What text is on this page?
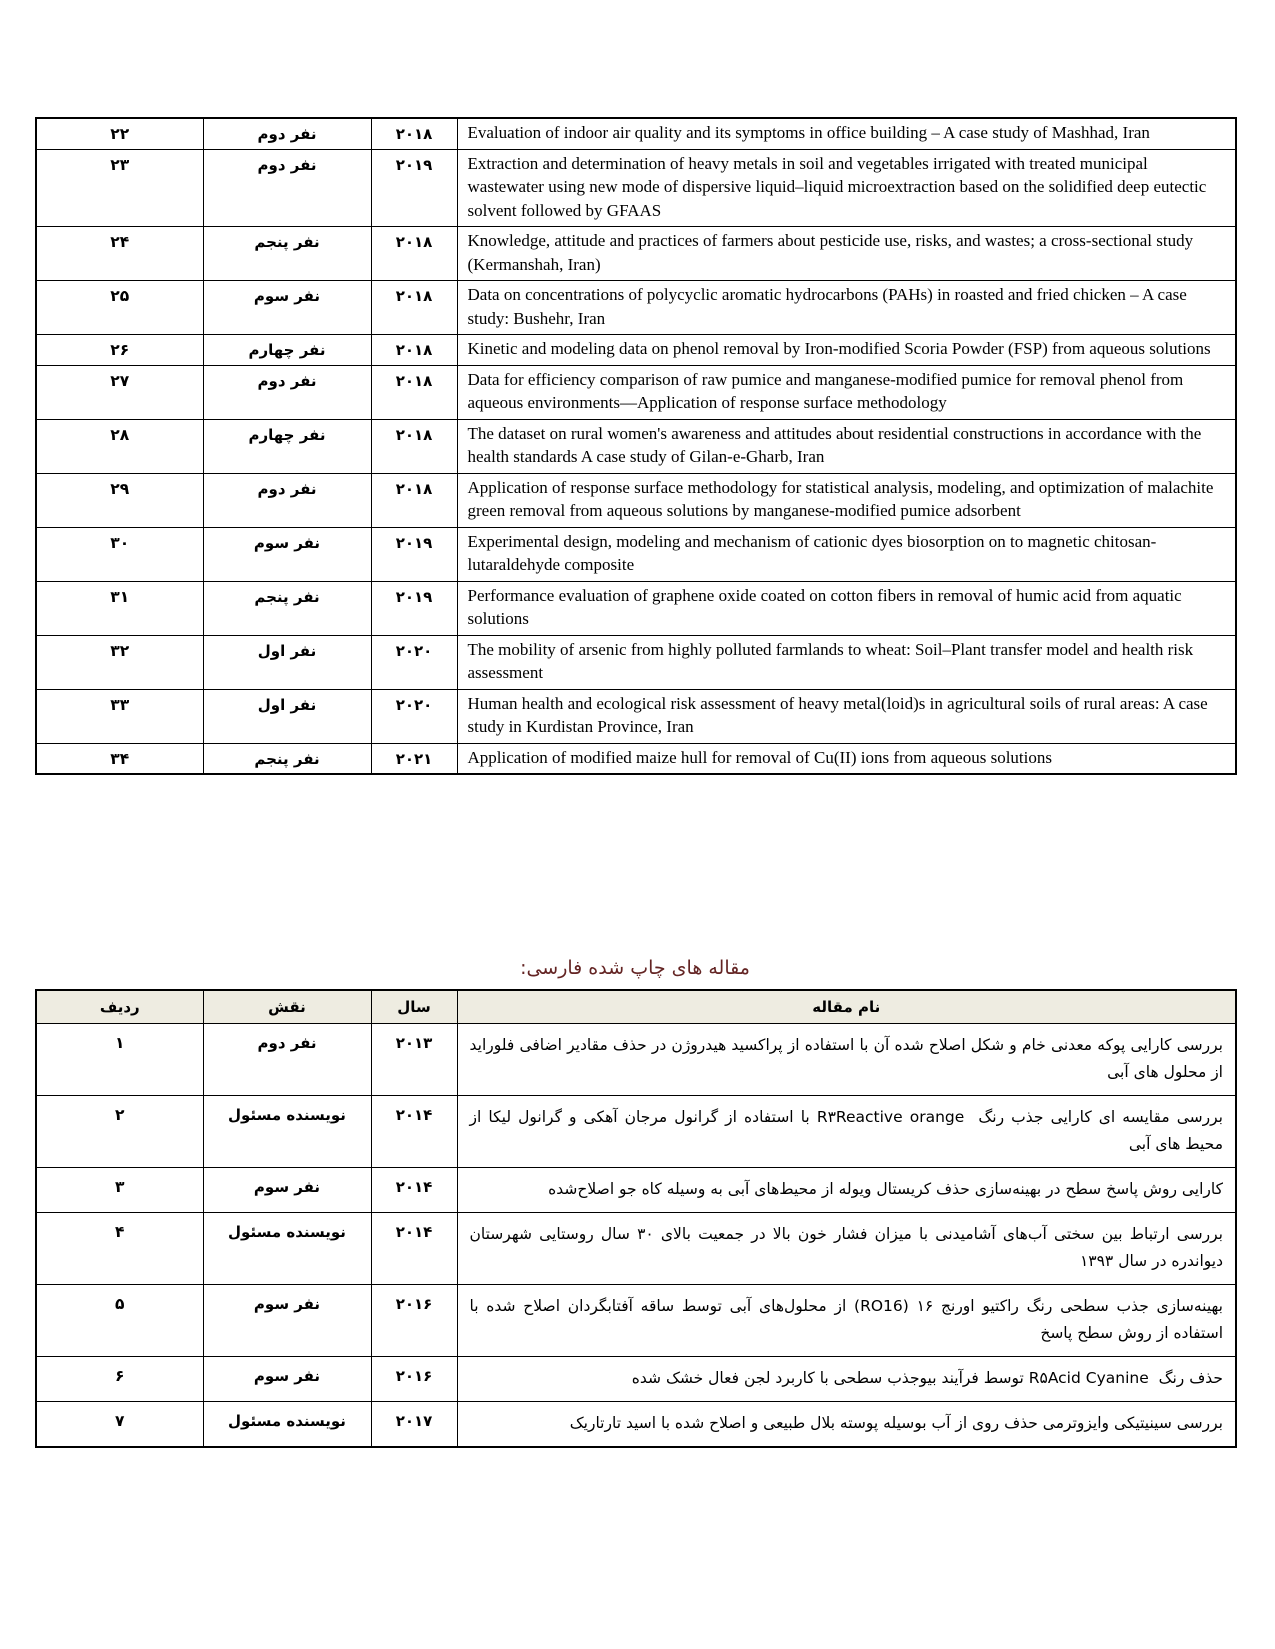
۲۲	نفر دوم	۲۰۱۸	Evaluation of indoor air quality and its symptoms in office building – A case study of Mashhad, Iran
۲۳	نفر دوم	۲۰۱۹	Extraction and determination of heavy metals in soil and vegetables irrigated with treated municipal wastewater using new mode of dispersive liquid–liquid microextraction based on the solidified deep eutectic solvent followed by GFAAS
۲۴	نفر پنجم	۲۰۱۸	Knowledge, attitude and practices of farmers about pesticide use, risks, and wastes; a cross-sectional study (Kermanshah, Iran)
۲۵	نفر سوم	۲۰۱۸	Data on concentrations of polycyclic aromatic hydrocarbons (PAHs) in roasted and fried chicken – A case study: Bushehr, Iran
۲۶	نفر چهارم	۲۰۱۸	Kinetic and modeling data on phenol removal by Iron-modified Scoria Powder (FSP) from aqueous solutions
۲۷	نفر دوم	۲۰۱۸	Data for efficiency comparison of raw pumice and manganese-modified pumice for removal phenol from aqueous environments—Application of response surface methodology
۲۸	نفر چهارم	۲۰۱۸	The dataset on rural women's awareness and attitudes about residential constructions in accordance with the health standards A case study of Gilan-e-Gharb, Iran
۲۹	نفر دوم	۲۰۱۸	Application of response surface methodology for statistical analysis, modeling, and optimization of malachite green removal from aqueous solutions by manganese-modified pumice adsorbent
۳۰	نفر سوم	۲۰۱۹	Experimental design, modeling and mechanism of cationic dyes biosorption on to magnetic chitosan-lutaraldehyde composite
۳۱	نفر پنجم	۲۰۱۹	Performance evaluation of graphene oxide coated on cotton fibers in removal of humic acid from aquatic solutions
۳۲	نفر اول	۲۰۲۰	The mobility of arsenic from highly polluted farmlands to wheat: Soil–Plant transfer model and health risk assessment
۳۳	نفر اول	۲۰۲۰	Human health and ecological risk assessment of heavy metal(loid)s in agricultural soils of rural areas: A case study in Kurdistan Province, Iran
۳۴	نفر پنجم	۲۰۲۱	Application of modified maize hull for removal of Cu(II) ions from aqueous solutions
مقاله های چاپ شده فارسی:
ردیف	نقش	سال	نام مقاله
۱	نفر دوم	۲۰۱۳	بررسی کارایی پوکه معدنی خام و شکل اصلاح شده آن با استفاده از پراکسید هیدروژن در حذف مقادیر اضافی فلوراید از محلول های آبی
۲	نویسنده مسئول	۲۰۱۴	بررسی مقایسه ای کارایی جذب رنگ  ‭R۳Reactive orange‬ با استفاده از گرانول مرجان آهکی و گرانول لیکا از محیط های آبی
۳	نفر سوم	۲۰۱۴	کارایی روش پاسخ سطح در بهینه‌سازی حذف کریستال ویوله از محیط‌های آبی به وسیله کاه جو اصلاح‌شده
۴	نویسنده مسئول	۲۰۱۴	بررسی ارتباط بین سختی آب‌های آشامیدنی با میزان فشار خون بالا در جمعیت بالای ۳۰ سال روستایی شهرستان دیواندره در سال ۱۳۹۳
۵	نفر سوم	۲۰۱۶	بهینه‌سازی جذب سطحی رنگ راکتیو اورنج ۱۶ ‭(RO16)‬ از محلول‌های آبی توسط ساقه آفتابگردان اصلاح شده با استفاده از روش سطح پاسخ
۶	نفر سوم	۲۰۱۶	حذف رنگ  ‭R۵Acid Cyanine‬ توسط فرآیند بیوجذب سطحی با کاربرد لجن فعال خشک شده
۷	نویسنده مسئول	۲۰۱۷	بررسی سینیتیکی وایزوترمی حذف روی از آب بوسیله پوسته بلال طبیعی و اصلاح شده با اسید تارتاریک
